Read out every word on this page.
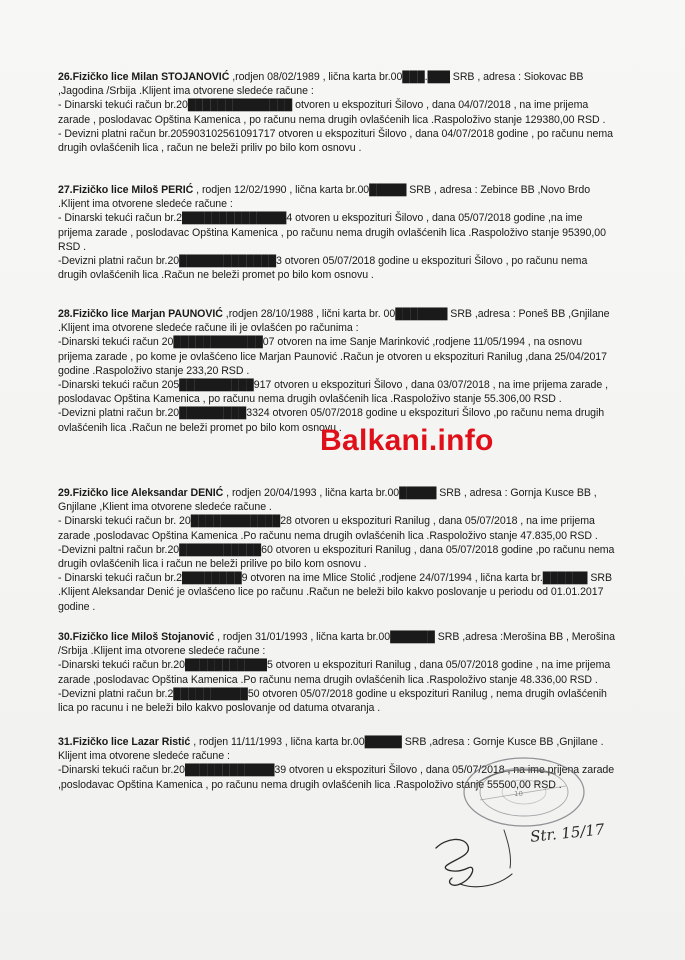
26.Fizičko lice Milan STOJANOVIĆ ,rodjen 08/02/1989 , lična karta br.00███.███ SRB , adresa : Siokovac BB ,Jagodina /Srbija .Klijent ima otvorene sledeće račune :

- Dinarski tekući račun br.20██████████████ otvoren u ekspozituri Šilovo , dana 04/07/2018 , na ime prijema zarade , poslodavac Opština Kamenica , po računu nema drugih ovlašćenih lica .Raspoloživo stanje 129380,00 RSD .

- Devizni platni račun br.205903102561091717 otvoren u ekspozituri Šilovo , dana 04/07/2018 godine , po računu nema drugih ovlašćenih lica , račun ne beleži priliv po bilo kom osnovu .

27.Fizičko lice Miloš PERIĆ , rodjen 12/02/1990 , lična karta br.00█████ SRB , adresa : Zebince BB ,Novo Brdo .Klijent ima otvorene sledeće račune :

- Dinarski tekući račun br.2██████████████4 otvoren u ekspozituri Šilovo , dana 05/07/2018 godine ,na ime prijema zarade , poslodavac Opština Kamenica , po računu nema drugih ovlašćenih lica .Raspoloživo stanje 95390,00 RSD .

-Devizni platni račun br.20█████████████3 otvoren 05/07/2018 godine u ekspozituri Šilovo , po računu nema drugih ovlašćenih lica .Račun ne beleži promet po bilo kom osnovu .

28.Fizičko lice Marjan PAUNOVIĆ ,rodjen 28/10/1988 , lični karta br. 00███████ SRB ,adresa : Poneš BB ,Gnjilane .Klijent ima otvorene sledeće račune ili je ovlašćen po računima :

-Dinarski tekući račun 20████████████07 otvoren na ime Sanje Marinković ,rodjene 11/05/1994 , na osnovu prijema zarade , po kome je ovlašćeno lice Marjan Paunović .Račun je otvoren u ekspozituri Ranilug ,dana 25/04/2017 godine .Raspoloživo stanje 233,20 RSD .

-Dinarski tekući račun 205██████████917 otvoren u ekspozituri Šilovo , dana 03/07/2018 , na ime prijema zarade , poslodavac Opština Kamenica , po računu nema drugih ovlašćenih lica .Raspoloživo stanje 55.306,00 RSD .

-Devizni platni račun br.20█████████3324 otvoren 05/07/2018 godine u ekspozituri Šilovo ,po računu nema drugih ovlašćenih lica .Račun ne beleži promet po bilo kom osnovu .

29.Fizičko lice Aleksandar DENIĆ , rodjen 20/04/1993 , lična karta br.00█████ SRB , adresa : Gornja Kusce BB , Gnjilane ,Klient ima otvorene sledeće račune .

- Dinarski tekući račun br. 20████████████28 otvoren u ekspozituri Ranilug , dana 05/07/2018 , na ime prijema zarade ,poslodavac Opština Kamenica .Po računu nema drugih ovlašćenih lica .Raspoloživo stanje 47.835,00 RSD .

-Devizni paltni račun br.20███████████60 otvoren u ekspozituri Ranilug , dana 05/07/2018 godine ,po računu nema drugih ovlašćenih lica i račun ne beleži prilive po bilo kom osnovu .

- Dinarski tekući račun br.2████████9 otvoren na ime Mlice Stolić ,rodjene 24/07/1994 , lična karta br.██████ SRB .Klijent Aleksandar Denić je ovlašćeno lice po računu .Račun ne beleži bilo kakvo poslovanje u periodu od 01.01.2017 godine .

30.Fizičko lice Miloš Stojanović , rodjen 31/01/1993 , lična karta br.00██████ SRB ,adresa :Merošina BB , Merošina /Srbija .Klijent ima otvorene sledeće račune :

-Dinarski tekući račun br.20███████████5 otvoren u ekspozituri Ranilug , dana 05/07/2018 godine , na ime prijema zarade ,poslodavac Opština Kamenica .Po računu nema drugih ovlašćenih lica .Raspoloživo stanje 48.336,00 RSD .

-Devizni platni račun br.2██████████50 otvoren 05/07/2018 godine u ekspozituri Ranilug , nema drugih ovlašćenih lica po racunu i ne beleži bilo kakvo poslovanje od datuma otvaranja .

31.Fizičko lice Lazar Ristić , rodjen 11/11/1993 , lična karta br.00█████ SRB ,adresa : Gornje Kusce BB ,Gnjilane . Klijent ima otvorene sledeće račune :

-Dinarski tekući račun br.20████████████39 otvoren u ekspozituri Šilovo , dana 05/07/2018 , na ime prijena zarade ,poslodavac Opština Kamenica , po računu nema drugih ovlašćenih lica .Raspoloživo stanje 55500,00 RSD .

Balkani.info
10
Str. 15/17
